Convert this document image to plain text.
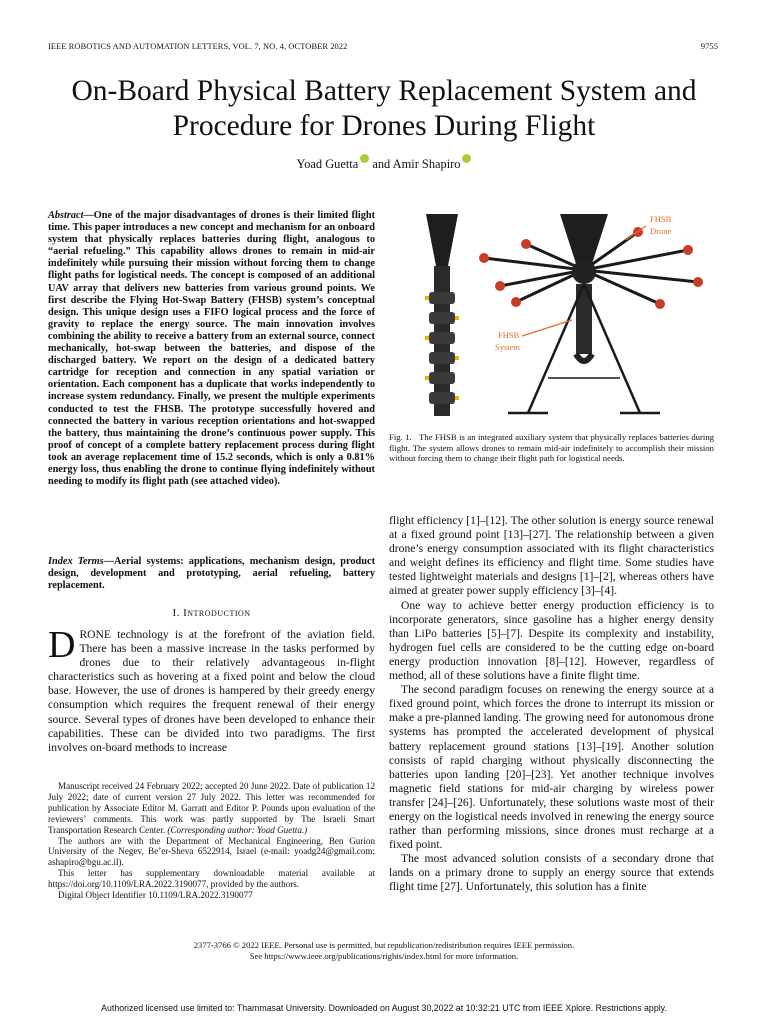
IEEE ROBOTICS AND AUTOMATION LETTERS, VOL. 7, NO. 4, OCTOBER 2022	9755
On-Board Physical Battery Replacement System and
Procedure for Drones During Flight
Yoad Guetta and Amir Shapiro
Abstract—One of the major disadvantages of drones is their limited flight time. This paper introduces a new concept and mechanism for an onboard system that physically replaces batteries during flight, analogous to “aerial refueling.” This capability allows drones to remain in mid-air indefinitely while pursuing their mission without forcing them to change flight paths for logistical needs. The concept is composed of an additional UAV array that delivers new batteries from various ground points. We first describe the Flying Hot-Swap Battery (FHSB) system’s conceptual design. This unique design uses a FIFO logical process and the force of gravity to replace the energy source. The main innovation involves combining the ability to receive a battery from an external source, connect mechanically, hot-swap between the batteries, and dispose of the discharged battery. We report on the design of a dedicated battery cartridge for reception and connection in any spatial variation or orientation. Each component has a duplicate that works independently to increase system redundancy. Finally, we present the multiple experiments conducted to test the FHSB. The prototype successfully hovered and connected the battery in various reception orientations and hot-swapped the battery, thus maintaining the drone’s continuous power supply. This proof of concept of a complete battery replacement process during flight took an average replacement time of 15.2 seconds, which is only a 0.81% energy loss, thus enabling the drone to continue flying indefinitely without needing to modify its flight path (see attached video).
Index Terms—Aerial systems: applications, mechanism design, product design, development and prototyping, aerial refueling, battery replacement.
I. Introduction

DRONE technology is at the forefront of the aviation field. There has been a massive increase in the tasks performed by drones due to their relatively advantageous in-flight characteristics such as hovering at a fixed point and below the cloud base. However, the use of drones is hampered by their greedy energy consumption which requires the frequent renewal of their energy source. Several types of drones have been developed to enhance their capabilities. These can be divided into two paradigms. The first involves on-board methods to increase

Manuscript received 24 February 2022; accepted 20 June 2022. Date of publication 12 July 2022; date of current version 27 July 2022. This letter was recommended for publication by Associate Editor M. Garratt and Editor P. Pounds upon evaluation of the reviewers’ comments. This work was partly supported by The Israeli Smart Transportation Research Center. (Corresponding author: Yoad Guetta.)

The authors are with the Department of Mechanical Engineering, Ben Gurion University of the Negev, Be’er-Sheva 6522914, Israel (e-mail: yoadg24@gmail.com; ashapiro@bgu.ac.il).

This letter has supplementary downloadable material available at https://doi.org/10.1109/LRA.2022.3190077, provided by the authors.

Digital Object Identifier 10.1109/LRA.2022.3190077

FHSB
Drone
FHSB
System
Fig. 1. The FHSB is an integrated auxiliary system that physically replaces batteries during flight. The system allows drones to remain mid-air indefinitely to accomplish their mission without forcing them to change their flight path for logistical needs.

flight efficiency [1]–[12]. The other solution is energy source renewal at a fixed ground point [13]–[27]. The relationship between a given drone’s energy consumption associated with its flight characteristics and weight defines its efficiency and flight time. Some studies have tested lightweight materials and designs [1]–[2], whereas others have aimed at greater power supply efficiency [3]–[4].

One way to achieve better energy production efficiency is to incorporate generators, since gasoline has a higher energy density than LiPo batteries [5]–[7]. Despite its complexity and instability, hydrogen fuel cells are considered to be the cutting edge on-board energy production innovation [8]–[12]. However, regardless of method, all of these solutions have a finite flight time.

The second paradigm focuses on renewing the energy source at a fixed ground point, which forces the drone to interrupt its mission or make a pre-planned landing. The growing need for autonomous drone systems has prompted the accelerated development of physical battery replacement ground stations [13]–[19]. Another solution consists of rapid charging without physically disconnecting the batteries upon landing [20]–[23]. Yet another technique involves magnetic field stations for mid-air charging by wireless power transfer [24]–[26]. Unfortunately, these solutions waste most of their energy on the logistical needs involved in renewing the energy source rather than performing missions, since drones must recharge at a fixed point.

The most advanced solution consists of a secondary drone that lands on a primary drone to supply an energy source that extends flight time [27]. Unfortunately, this solution has a finite

2377-3766 © 2022 IEEE. Personal use is permitted, but republication/redistribution requires IEEE permission.
See https://www.ieee.org/publications/rights/index.html for more information.
Authorized licensed use limited to: Thammasat University. Downloaded on August 30,2022 at 10:32:21 UTC from IEEE Xplore. Restrictions apply.
